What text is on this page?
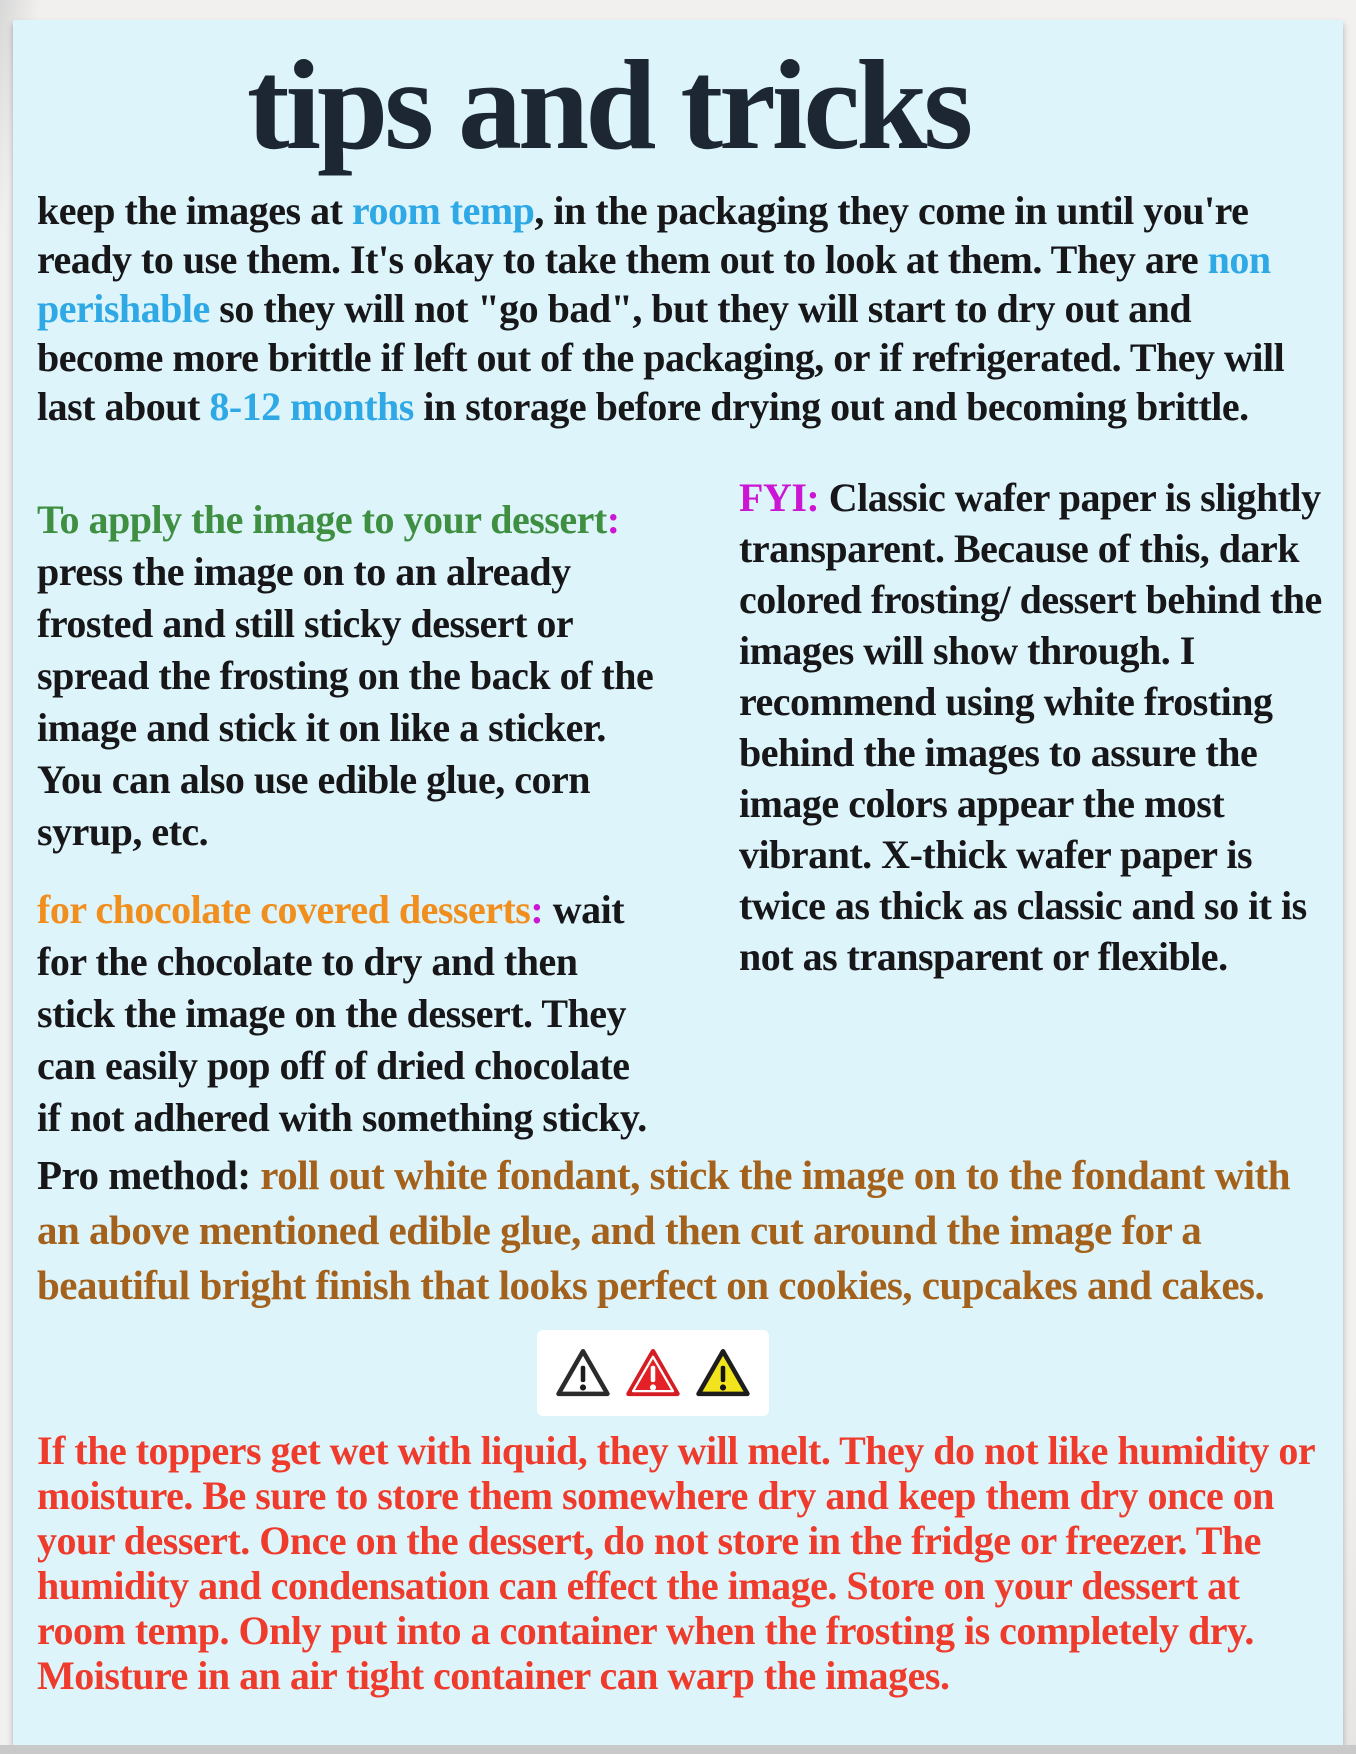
tips and tricks
keep the images at room temp, in the packaging they come in until you're ready to use them. It's okay to take them out to look at them. They are non perishable so they will not "go bad", but they will start to dry out and become more brittle if left out of the packaging, or if refrigerated. They will last about 8-12 months in storage before drying out and becoming brittle.
To apply the image to your dessert:
press the image on to an already frosted and still sticky dessert or spread the frosting on the back of the image and stick it on like a sticker. You can also use edible glue, corn syrup, etc.
for chocolate covered desserts: wait for the chocolate to dry and then stick the image on the dessert. They can easily pop off of dried chocolate if not adhered with something sticky.
FYI: Classic wafer paper is slightly transparent. Because of this, dark colored frosting/ dessert behind the images will show through. I recommend using white frosting behind the images to assure the image colors appear the most vibrant. X-thick wafer paper is twice as thick as classic and so it is not as transparent or flexible.
Pro method: roll out white fondant, stick the image on to the fondant with an above mentioned edible glue, and then cut around the image for a beautiful bright finish that looks perfect on cookies, cupcakes and cakes.
If the toppers get wet with liquid, they will melt. They do not like humidity or moisture. Be sure to store them somewhere dry and keep them dry once on your dessert. Once on the dessert, do not store in the fridge or freezer. The humidity and condensation can effect the image. Store on your dessert at room temp. Only put into a container when the frosting is completely dry. Moisture in an air tight container can warp the images.
